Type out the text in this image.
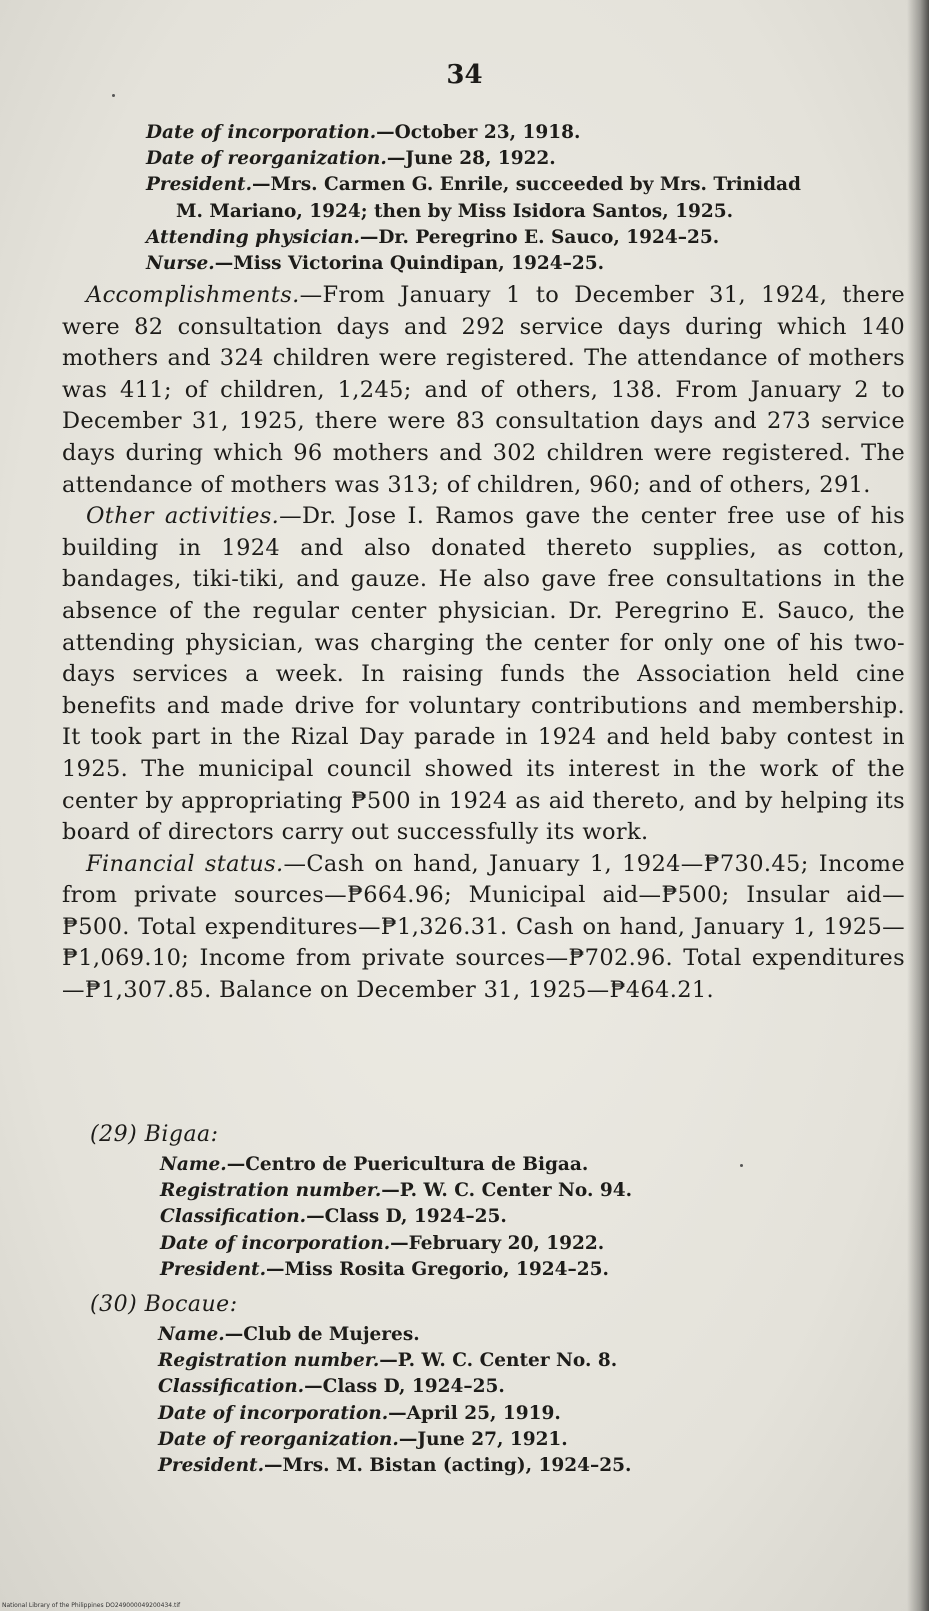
34
Date of incorporation.—October 23, 1918.
Date of reorganization.—June 28, 1922.
President.—Mrs. Carmen G. Enrile, succeeded by Mrs. Trinidad
M. Mariano, 1924; then by Miss Isidora Santos, 1925.
Attending physician.—Dr. Peregrino E. Sauco, 1924–25.
Nurse.—Miss Victorina Quindipan, 1924–25.

Accomplishments.—From January 1 to December 31, 1924, there were 82 consultation days and 292 service days during which 140 mothers and 324 children were registered. The attendance of mothers was 411; of children, 1,245; and of others, 138. From January 2 to December 31, 1925, there were 83 consultation days and 273 service days during which 96 mothers and 302 children were registered. The attendance of mothers was 313; of children, 960; and of others, 291.

Other activities.—Dr. Jose I. Ramos gave the center free use of his building in 1924 and also donated thereto supplies, as cotton, bandages, tiki-tiki, and gauze. He also gave free consultations in the absence of the regular center physician. Dr. Peregrino E. Sauco, the attending physician, was charging the center for only one of his two-days services a week. In raising funds the Association held cine benefits and made drive for voluntary contributions and membership. It took part in the Rizal Day parade in 1924 and held baby contest in 1925. The municipal council showed its interest in the work of the center by appropriating ₱500 in 1924 as aid thereto, and by helping its board of directors carry out successfully its work.

Financial status.—Cash on hand, January 1, 1924—₱730.45; Income from private sources—₱664.96; Municipal aid—₱500; Insular aid—₱500. Total expenditures—₱1,326.31. Cash on hand, January 1, 1925—₱1,069.10; Income from private sources—₱702.96. Total expenditures—₱1,307.85. Balance on December 31, 1925—₱464.21.

(29) Bigaa:
Name.—Centro de Puericultura de Bigaa.
Registration number.—P. W. C. Center No. 94.
Classification.—Class D, 1924–25.
Date of incorporation.—February 20, 1922.
President.—Miss Rosita Gregorio, 1924–25.
(30) Bocaue:
Name.—Club de Mujeres.
Registration number.—P. W. C. Center No. 8.
Classification.—Class D, 1924–25.
Date of incorporation.—April 25, 1919.
Date of reorganization.—June 27, 1921.
President.—Mrs. M. Bistan (acting), 1924–25.
National Library of the Philippines DO249000049200434.tif
